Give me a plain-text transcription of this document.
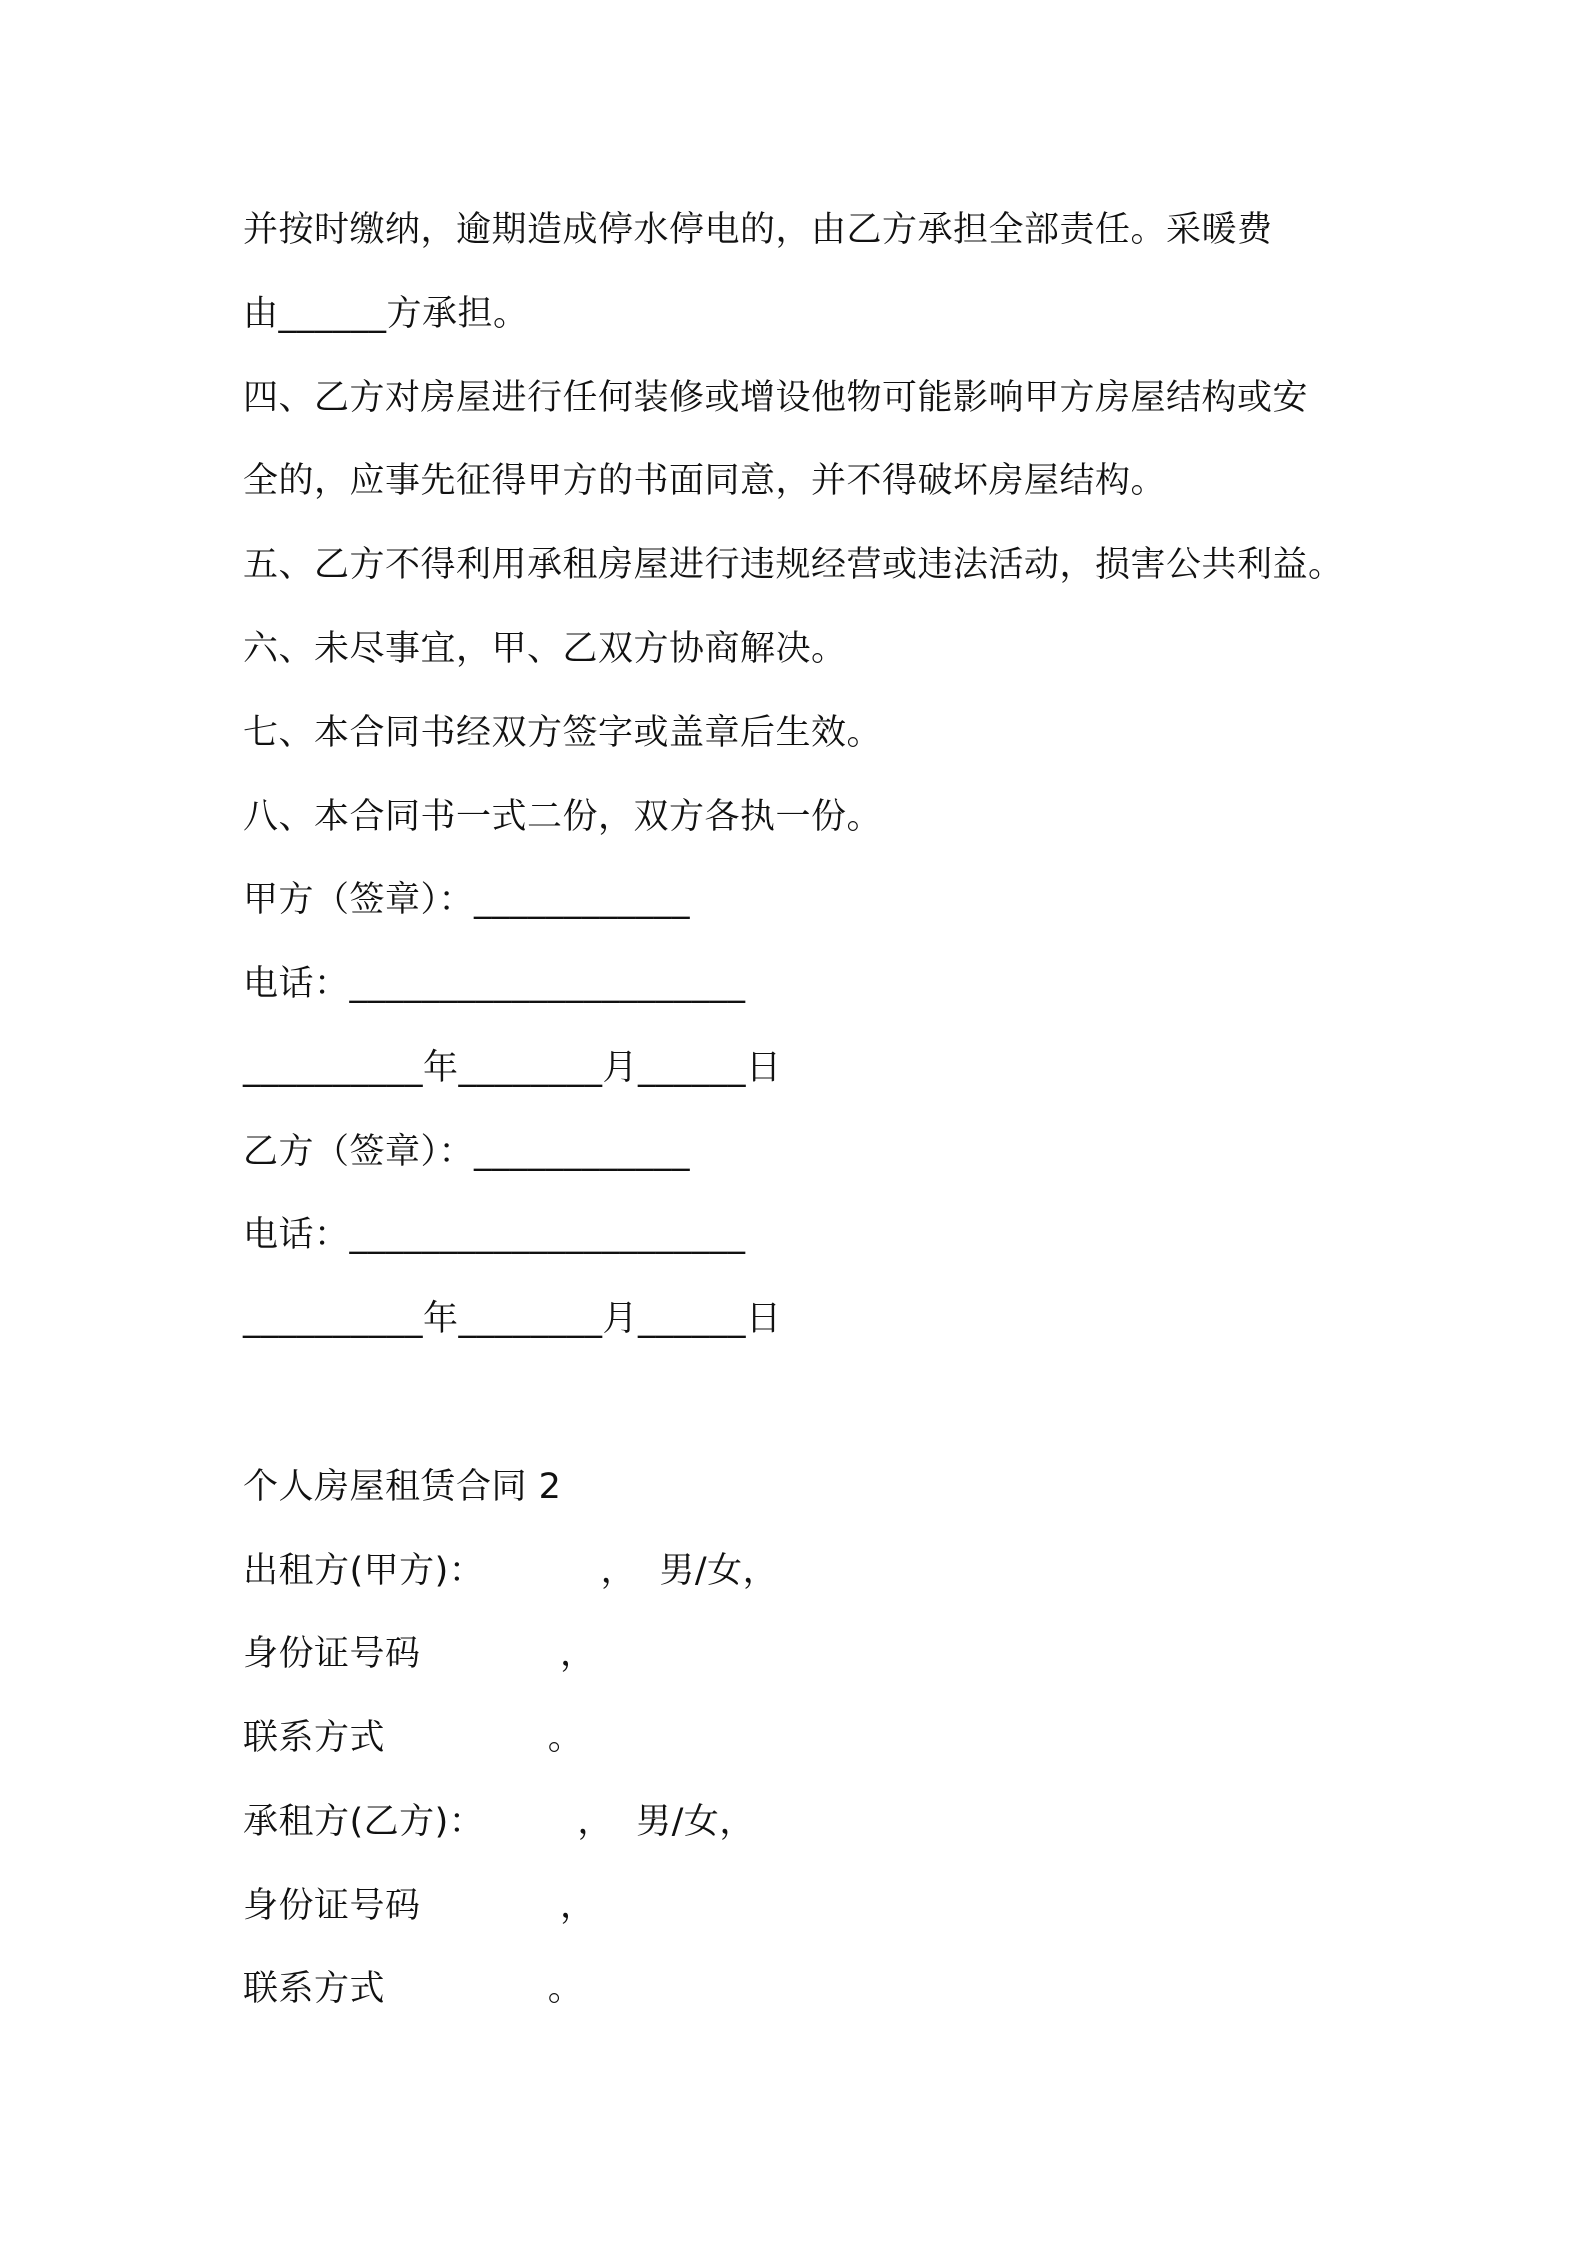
并按时缴纳，逾期造成停水停电的，由乙方承担全部责任。采暖费
由______方承担。
四、乙方对房屋进行任何装修或增设他物可能影响甲方房屋结构或安
全的，应事先征得甲方的书面同意，并不得破坏房屋结构。
五、乙方不得利用承租房屋进行违规经营或违法活动，损害公共利益。
六、未尽事宜，甲、乙双方协商解决。
七、本合同书经双方签字或盖章后生效。
八、本合同书一式二份，双方各执一份。
甲方（签章）：____________
电话：______________________
__________年________月______日
乙方（签章）：____________
电话：______________________
__________年________月______日
个人房屋租赁合同 2
出租方(甲方)：          ，  男/女，
身份证号码            ，
联系方式              。
承租方(乙方)：        ，  男/女，
身份证号码            ，
联系方式              。
